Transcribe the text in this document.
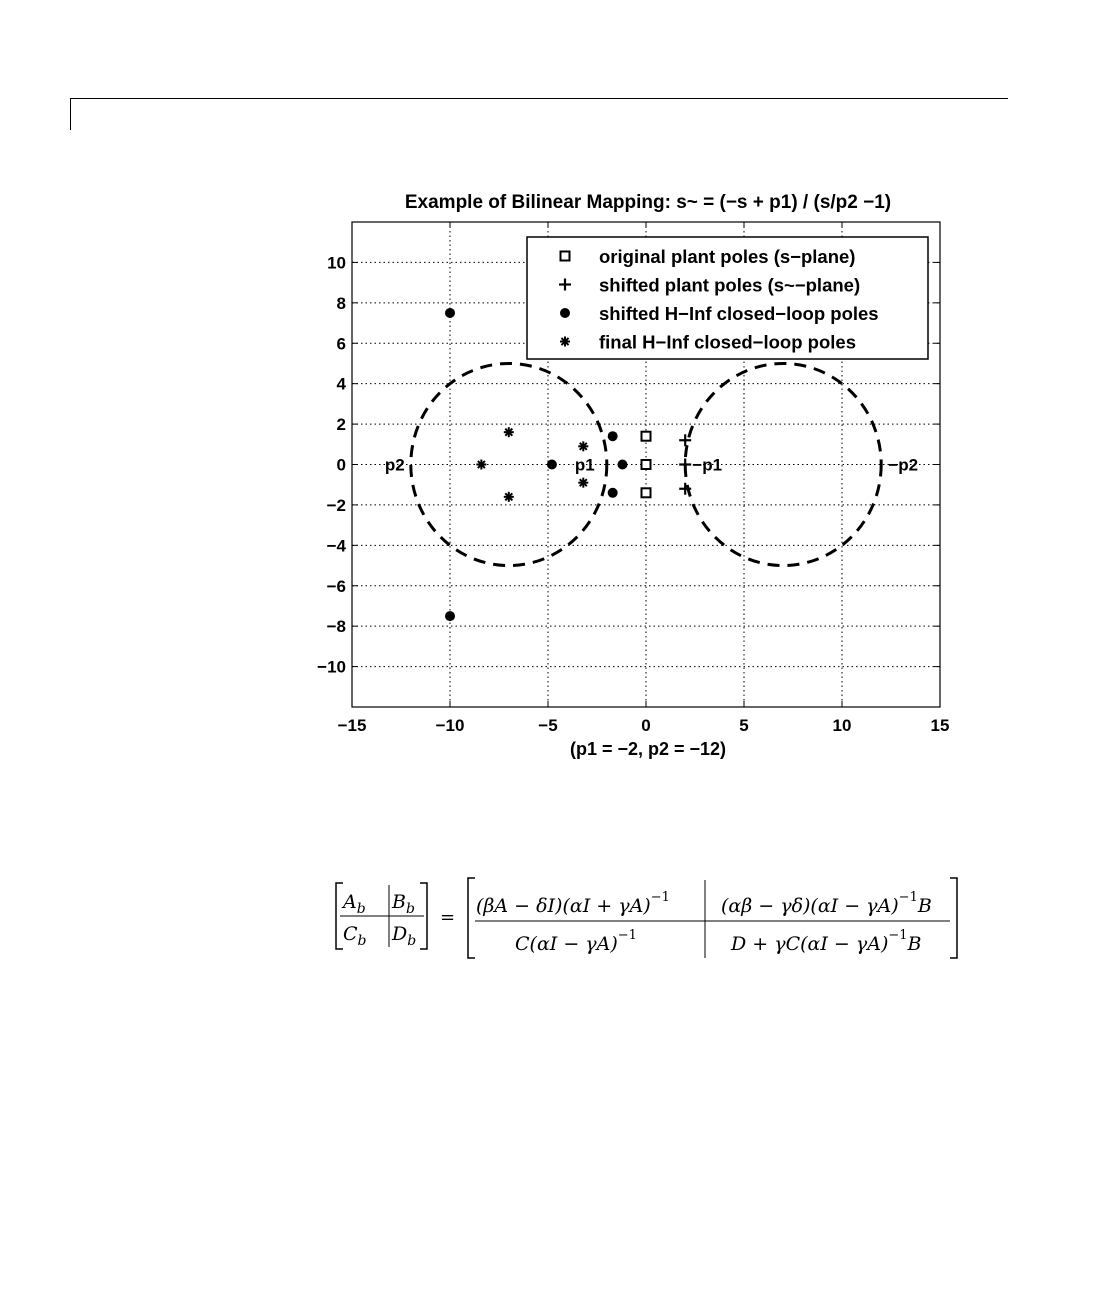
Example of Bilinear Mapping: s~ = (−s + p1) / (s/p2 −1)
−15	−10	−5	0	5	10	15
−10
−8
−6
−4
−2
0
2
4
6
8
10
p2	p1	−p1	−p2
original plant poles (s−plane)
shifted plant poles (s~−plane)
shifted H−Inf closed−loop poles
final H−Inf closed−loop poles
(p1 = −2, p2 = −12)
$A_b$ $B_b$
$C_b$ $D_b$
=
$(\beta A - \delta I)(\alpha I + \gamma A)^{-1}$	$(\alpha\beta - \gamma\delta)(\alpha I - \gamma A)^{-1}B$
$C(\alpha I - \gamma A)^{-1}$	$D + \gamma C(\alpha I - \gamma A)^{-1}B$
